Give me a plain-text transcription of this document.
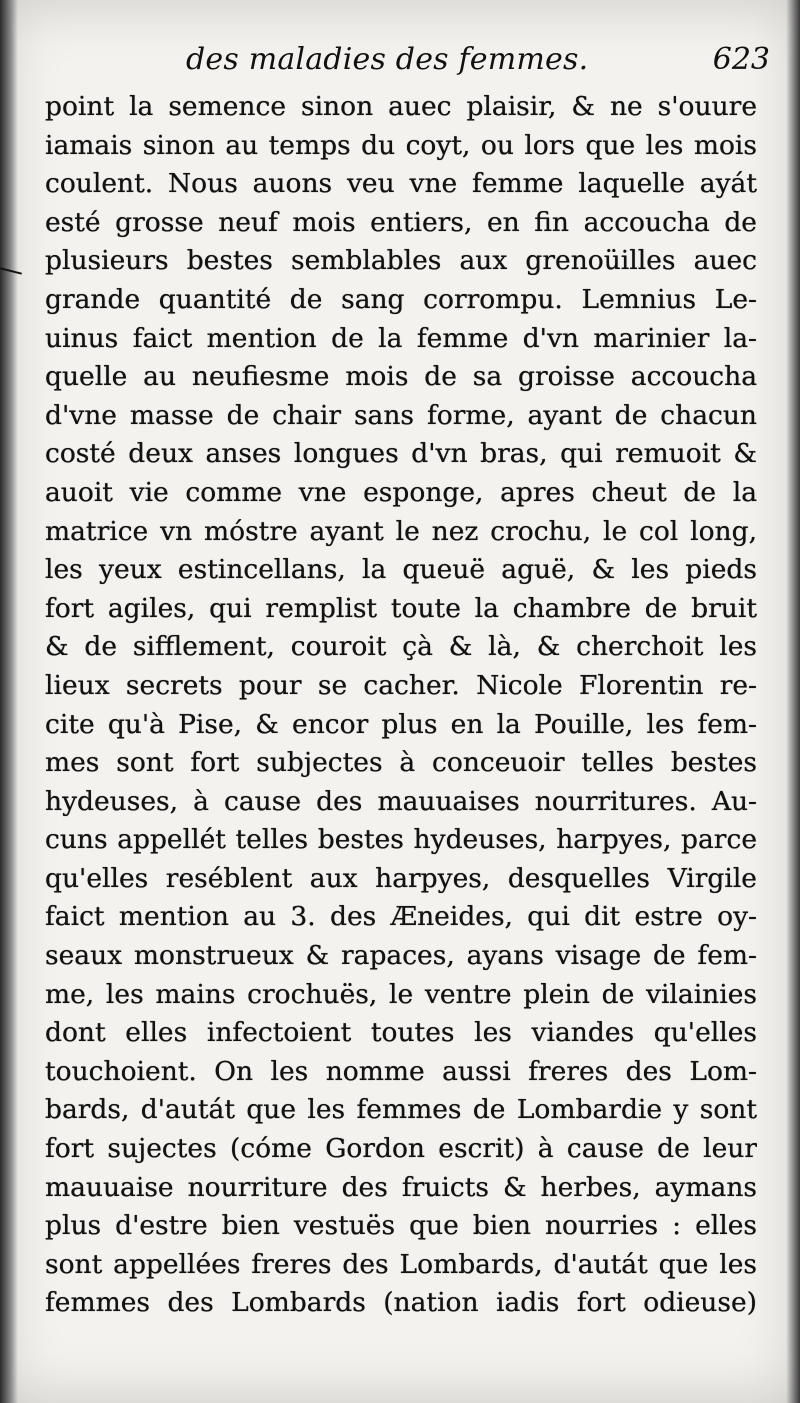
des maladies des femmes.	623
point la semence sinon auec plaisir, & ne s'ouure
iamais sinon au temps du coyt, ou lors que les mois
coulent. Nous auons veu vne femme laquelle ayát
esté grosse neuf mois entiers, en fin accoucha de
plusieurs bestes semblables aux grenoüilles auec
grande quantité de sang corrompu. Lemnius Le-
uinus faict mention de la femme d'vn marinier la-
quelle au neufiesme mois de sa groisse accoucha
d'vne masse de chair sans forme, ayant de chacun
costé deux anses longues d'vn bras, qui remuoit &
auoit vie comme vne esponge, apres cheut de la
matrice vn móstre ayant le nez crochu, le col long,
les yeux estincellans, la queuë aguë, & les pieds
fort agiles, qui remplist toute la chambre de bruit
& de sifflement, couroit çà & là, & cherchoit les
lieux secrets pour se cacher. Nicole Florentin re-
cite qu'à Pise, & encor plus en la Pouille, les fem-
mes sont fort subjectes à conceuoir telles bestes
hydeuses, à cause des mauuaises nourritures. Au-
cuns appellét telles bestes hydeuses, harpyes, parce
qu'elles reséblent aux harpyes, desquelles Virgile
faict mention au 3. des Æneides, qui dit estre oy-
seaux monstrueux & rapaces, ayans visage de fem-
me, les mains crochuës, le ventre plein de vilainies
dont elles infectoient toutes les viandes qu'elles
touchoient. On les nomme aussi freres des Lom-
bards, d'autát que les femmes de Lombardie y sont
fort sujectes (cóme Gordon escrit) à cause de leur
mauuaise nourriture des fruicts & herbes, aymans
plus d'estre bien vestuës que bien nourries : elles
sont appellées freres des Lombards, d'autát que les
femmes des Lombards (nation iadis fort odieuse)
